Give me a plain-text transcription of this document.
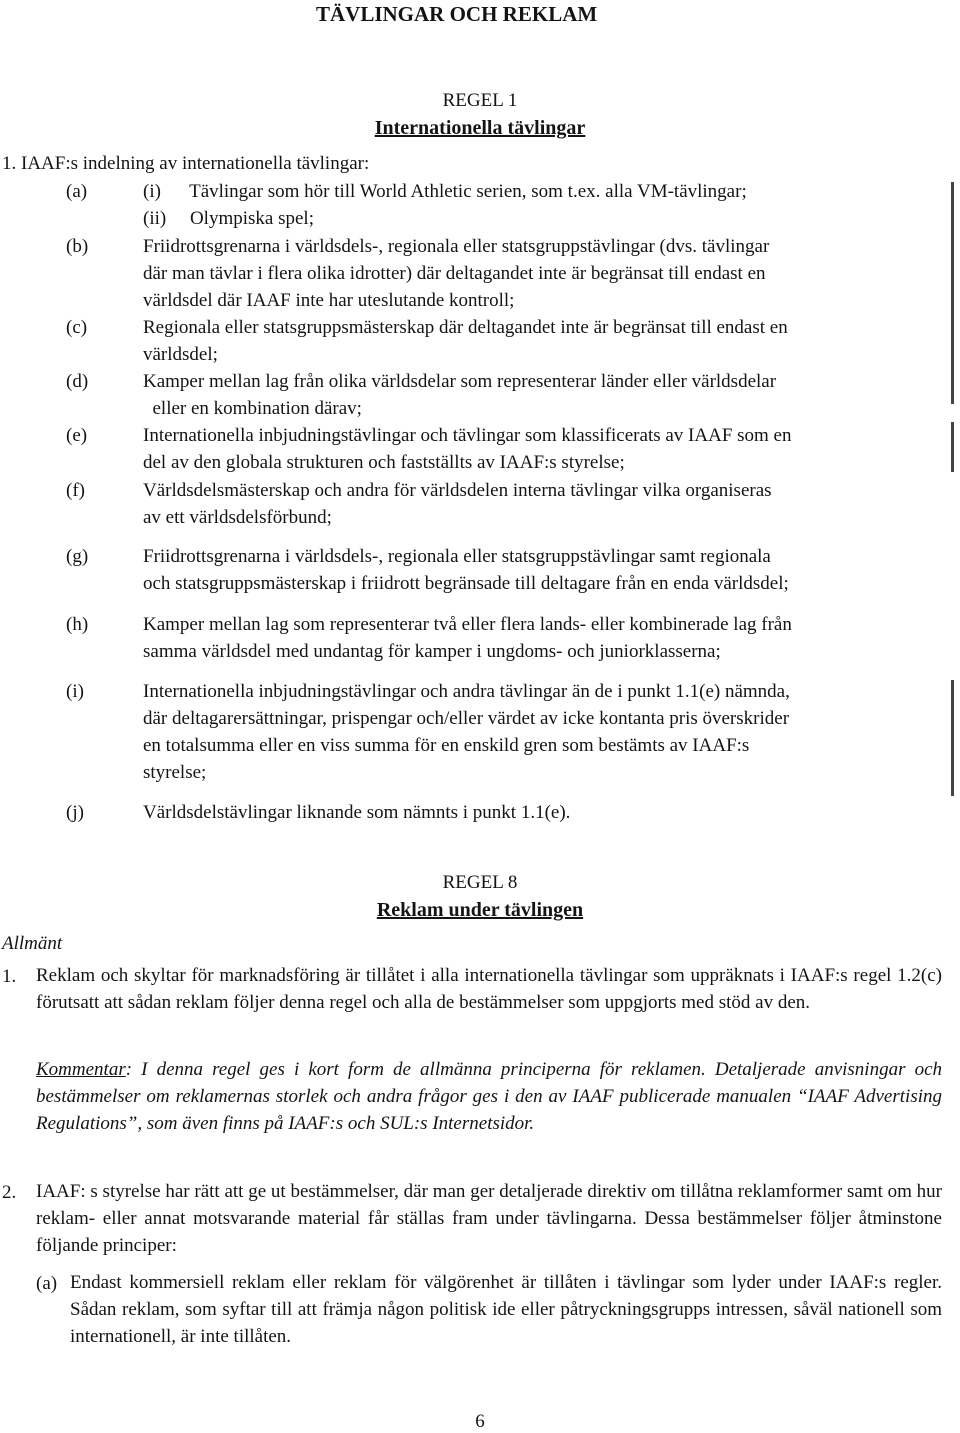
TÄVLINGAR OCH REKLAM
REGEL 1
Internationella tävlingar
1. IAAF:s indelning av internationella tävlingar:
(a)	(i)      Tävlingar som hör till World Athletic serien, som t.ex. alla VM-tävlingar;
(ii)     Olympiska spel;
(b)	Friidrottsgrenarna i världsdels-, regionala eller statsgruppstävlingar (dvs. tävlingar
där man tävlar i flera olika idrotter) där deltagandet inte är begränsat till endast en
världsdel där IAAF inte har uteslutande kontroll;
(c)	Regionala eller statsgruppsmästerskap där deltagandet inte är begränsat till endast en
världsdel;
(d)	Kamper mellan lag från olika världsdelar som representerar länder eller världsdelar
eller en kombination därav;
(e)	Internationella inbjudningstävlingar och tävlingar som klassificerats av IAAF som en
del av den globala strukturen och fastställts av IAAF:s styrelse;
(f)	Världsdelsmästerskap och andra för världsdelen interna tävlingar vilka organiseras
av ett världsdelsförbund;
(g)	Friidrottsgrenarna i världsdels-, regionala eller statsgruppstävlingar samt regionala
och statsgruppsmästerskap i friidrott begränsade till deltagare från en enda världsdel;
(h)	Kamper mellan lag som representerar två eller flera lands- eller kombinerade lag från
samma världsdel med undantag för kamper i ungdoms- och juniorklasserna;
(i)	Internationella inbjudningstävlingar och andra tävlingar än de i punkt 1.1(e) nämnda,
där deltagarersättningar, prispengar och/eller värdet av icke kontanta pris överskrider
en totalsumma eller en viss summa för en enskild gren som bestämts av IAAF:s
styrelse;
(j)	Världsdelstävlingar liknande som nämnts i punkt 1.1(e).
REGEL 8
Reklam under tävlingen
Allmänt
1. Reklam och skyltar för marknadsföring är tillåtet i alla internationella tävlingar som uppräknats i IAAF:s regel 1.2(c) förutsatt att sådan reklam följer denna regel och alla de bestämmelser som uppgjorts med stöd av den.
Kommentar: I denna regel ges i kort form de allmänna principerna för reklamen. Detaljerade anvisningar och bestämmelser om reklamernas storlek och andra frågor ges i den av IAAF publicerade manualen “IAAF Advertising Regulations”, som även finns på IAAF:s och SUL:s Internetsidor.
2. IAAF: s styrelse har rätt att ge ut bestämmelser, där man ger detaljerade direktiv om tillåtna reklamformer samt om hur reklam- eller annat motsvarande material får ställas fram under tävlingarna. Dessa bestämmelser följer åtminstone följande principer:
(a) Endast kommersiell reklam eller reklam för välgörenhet är tillåten i tävlingar som lyder under IAAF:s regler. Sådan reklam, som syftar till att främja någon politisk ide eller påtryckningsgrupps intressen, såväl nationell som internationell, är inte tillåten.
6
